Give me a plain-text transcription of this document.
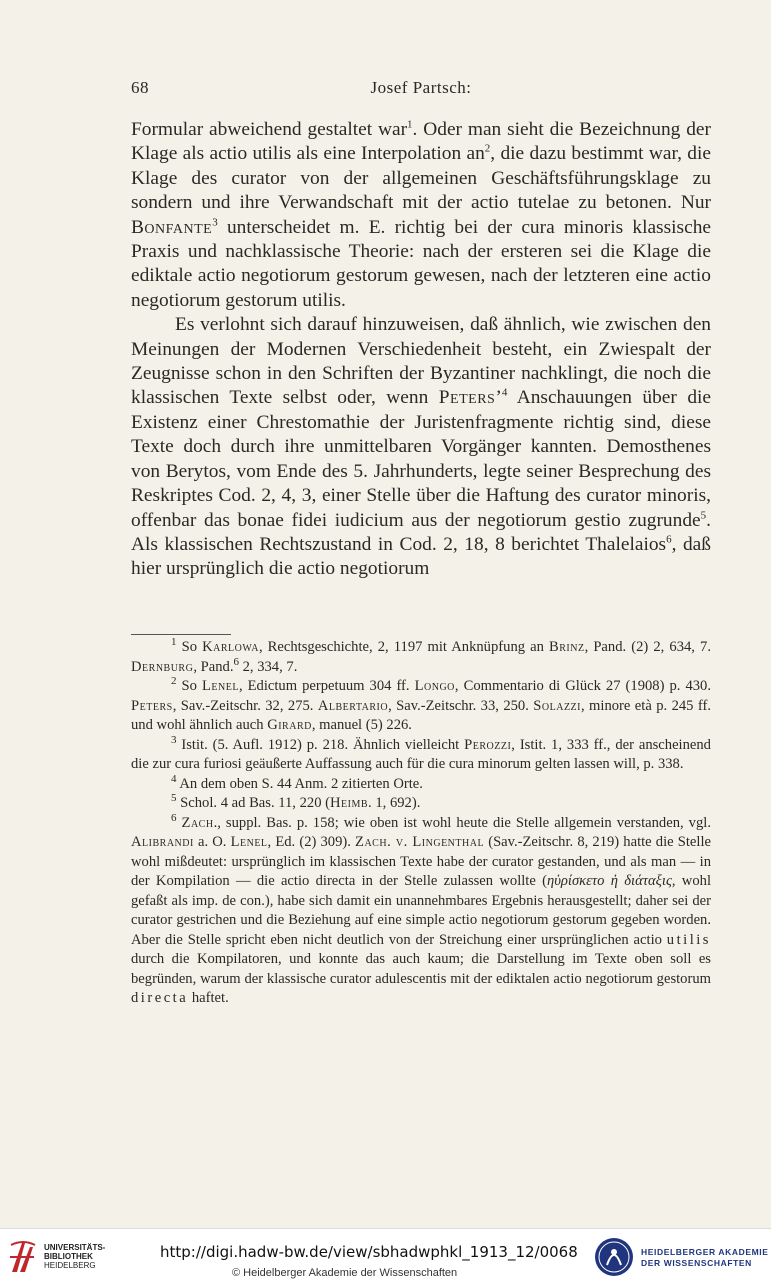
68	Josef Partsch:

Formular abweichend gestaltet war$^1$. Oder man sieht die Bezeichnung der Klage als actio utilis als eine Interpolation $an^2$, die dazu bestimmt war, die Klage des curator von der allgemeinen Geschäftsführungsklage zu sondern und ihre Verwandschaft mit der actio tutelae zu betonen. Nur Bonfante$^3$ unterscheidet m. E. richtig bei der cura minoris klassische Praxis und nachklassische Theorie: nach der ersteren sei die Klage die ediktale actio negotiorum gestorum gewesen, nach der letzteren eine actio negotiorum gestorum utilis.

Es verlohnt sich darauf hinzuweisen, daß ähnlich, wie zwischen den Meinungen der Modernen Verschiedenheit besteht, ein Zwiespalt der Zeugnisse schon in den Schriften der Byzantiner nachklingt, die noch die klassischen Texte selbst oder, wenn Peters’$^4$ Anschauungen über die Existenz einer Chrestomathie der Juristenfragmente richtig sind, diese Texte doch durch ihre unmittelbaren Vorgänger kannten. Demosthenes von Berytos, vom Ende des 5. Jahrhunderts, legte seiner Besprechung des Reskriptes Cod. 2, 4, 3, einer Stelle über die Haftung des curator minoris, offenbar das bonae fidei iudicium aus der negotiorum gestio zugrunde$^5$. Als klassischen Rechtszustand in Cod. 2, 18, 8 berichtet Thalelaios$^6$, daß hier ursprünglich die actio negotiorum

$^1$ So Karlowa, Rechtsgeschichte, 2, 1197 mit Anknüpfung an Brinz, Pand. (2) 2, 634, 7. Dernburg, Pand.$^6$ 2, 334, 7.

$^2$ So Lenel, Edictum perpetuum 304 ff. Longo, Commentario di Glück 27 (1908) p. 430. Peters, Sav.-Zeitschr. 32, 275. Albertario, Sav.-Zeitschr. 33, 250. Solazzi, minore età p. 245 ff. und wohl ähnlich auch Girard, manuel (5) 226.

$^3$ Istit. (5. Aufl. 1912) p. 218. Ähnlich vielleicht Perozzi, Istit. 1, 333 ff., der anscheinend die zur cura furiosi geäußerte Auffassung auch für die cura minorum gelten lassen will, p. 338.

$^4$ An dem oben S. 44 Anm. 2 zitierten Orte.

$^5$ Schol. 4 ad Bas. 11, 220 (Heimb. 1, 692).

$^6$ Zach., suppl. Bas. p. 158; wie oben ist wohl heute die Stelle allgemein verstanden, vgl. Alibrandi a. O. Lenel, Ed. (2) 309). Zach. v. Lingenthal (Sav.-Zeitschr. 8, 219) hatte die Stelle wohl mißdeutet: ursprünglich im klassischen Texte habe der curator gestanden, und als man — in der Kompilation — die actio directa in der Stelle zulassen wollte (ηὑρίσκετο ἡ διάταξις, wohl gefaßt als imp. de con.), habe sich damit ein unannehmbares Ergebnis herausgestellt; daher sei der curator gestrichen und die Beziehung auf eine simple actio negotiorum gestorum gegeben worden. Aber die Stelle spricht eben nicht deutlich von der Streichung einer ursprünglichen actio utilis durch die Kompilatoren, und konnte das auch kaum; die Darstellung im Texte oben soll es begründen, warum der klassische curator adulescentis mit der ediktalen actio negotiorum gestorum directa haftet.

UNIVERSITÄTS-
BIBLIOTHEK
HEIDELBERG
http://digi.hadw-bw.de/view/sbhadwphkl_1913_12/0068
© Heidelberger Akademie der Wissenschaften
HEIDELBERGER AKADEMIE
DER WISSENSCHAFTEN
